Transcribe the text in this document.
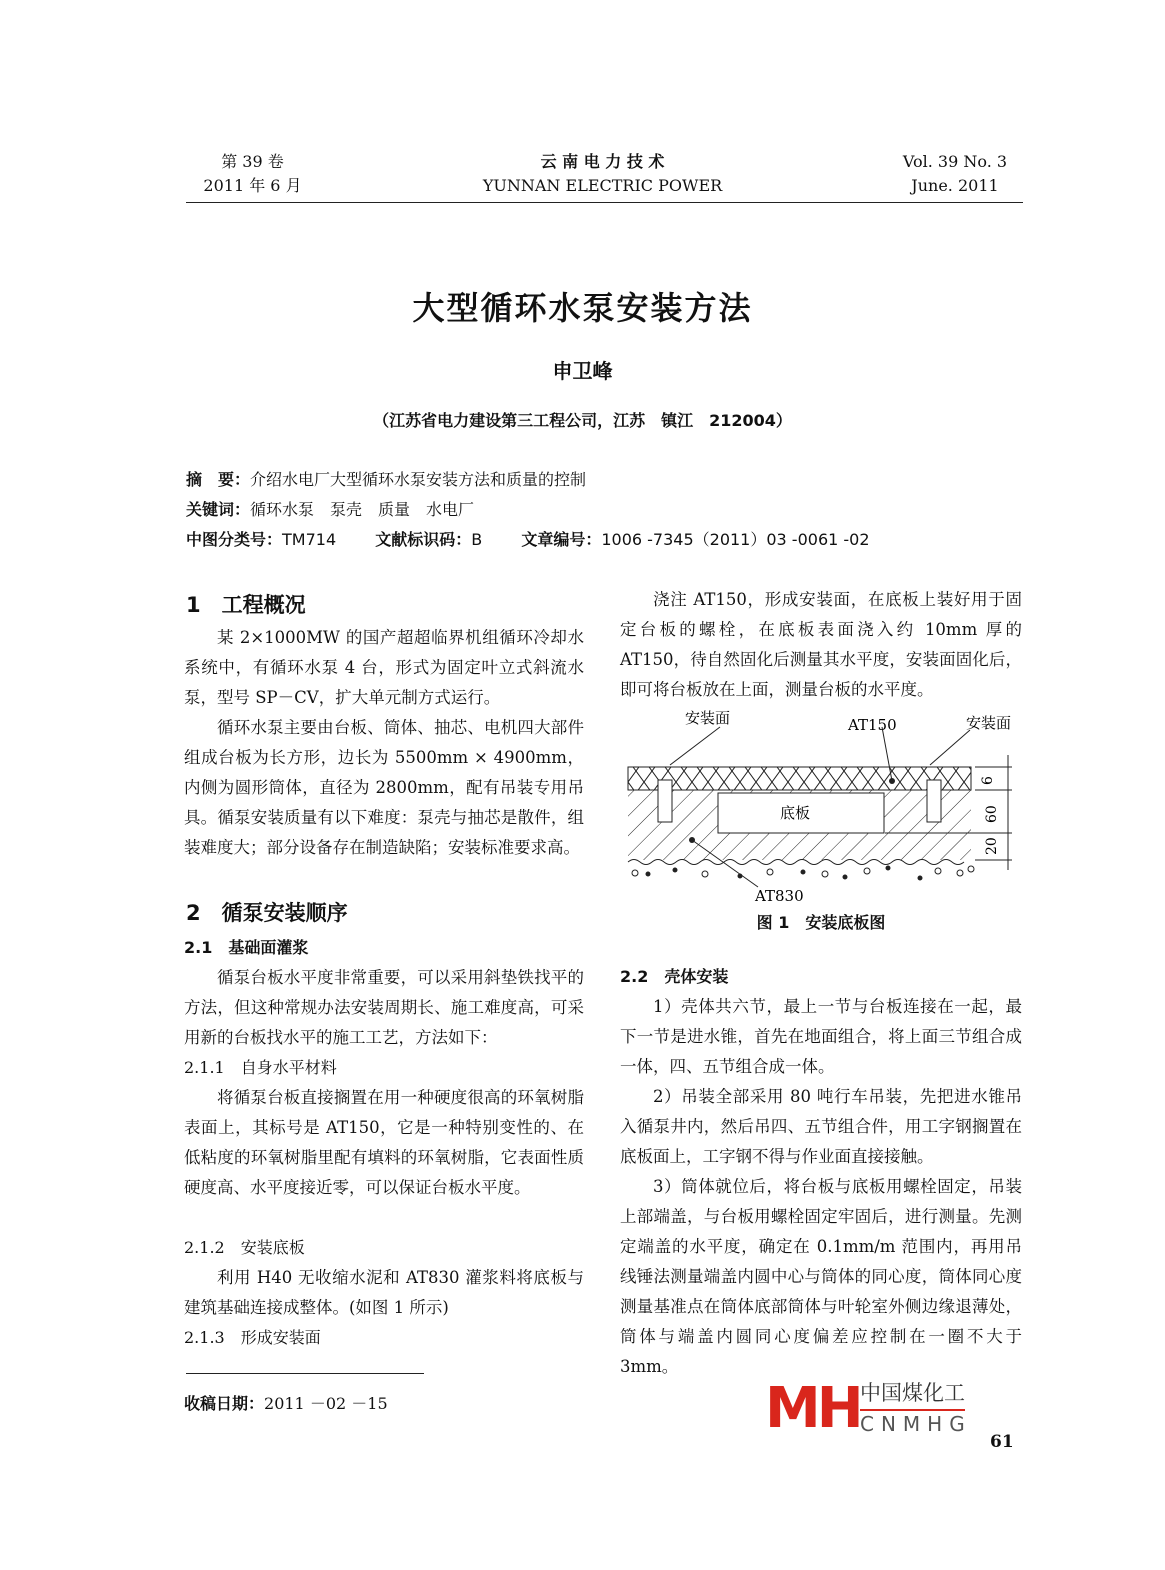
第 39 卷
2011 年 6 月
云 南 电 力 技 术
YUNNAN ELECTRIC POWER
Vol. 39 No. 3
June. 2011
大型循环水泵安装方法
申卫峰
（江苏省电力建设第三工程公司，江苏　镇江　212004）
摘　要：介绍水电厂大型循环水泵安装方法和质量的控制
关键词：循环水泵　泵壳　质量　水电厂
中图分类号：TM714 文献标识码：B 文章编号：1006 -7345（2011）03 -0061 -02
1　工程概况

某 2×1000MW 的国产超超临界机组循环冷却水系统中，有循环水泵 4 台，形式为固定叶立式斜流水泵，型号 SP－CV，扩大单元制方式运行。

循环水泵主要由台板、筒体、抽芯、电机四大部件组成台板为长方形，边长为 5500mm × 4900mm，内侧为圆形筒体，直径为 2800mm，配有吊装专用吊具。循泵安装质量有以下难度：泵壳与抽芯是散件，组装难度大；部分设备存在制造缺陷；安装标准要求高。

2　循泵安装顺序
2.1　基础面灌浆

循泵台板水平度非常重要，可以采用斜垫铁找平的方法，但这种常规办法安装周期长、施工难度高，可采用新的台板找水平的施工工艺，方法如下：

2.1.1　自身水平材料

将循泵台板直接搁置在用一种硬度很高的环氧树脂表面上，其标号是 AT150，它是一种特别变性的、在低粘度的环氧树脂里配有填料的环氧树脂，它表面性质硬度高、水平度接近零，可以保证台板水平度。

2.1.2　安装底板

利用 H40 无收缩水泥和 AT830 灌浆料将底板与建筑基础连接成整体。(如图 1 所示)

2.1.3　形成安装面
收稿日期：2011 －02 －15

浇注 AT150，形成安装面，在底板上装好用于固定台板的螺栓，在底板表面浇入约 10mm 厚的 AT150，待自然固化后测量其水平度，安装面固化后，即可将台板放在上面，测量台板的水平度。

底板
安装面	AT150	安装面
AT830
6
60
20
图 1　安装底板图
2.2　壳体安装

1）壳体共六节，最上一节与台板连接在一起，最下一节是进水锥，首先在地面组合，将上面三节组合成一体，四、五节组合成一体。

2）吊装全部采用 80 吨行车吊装，先把进水锥吊入循泵井内，然后吊四、五节组合件，用工字钢搁置在底板面上，工字钢不得与作业面直接接触。

3）筒体就位后，将台板与底板用螺栓固定，吊装上部端盖，与台板用螺栓固定牢固后，进行测量。先测定端盖的水平度，确定在 0.1mm/m 范围内，再用吊线锤法测量端盖内圆中心与筒体的同心度，筒体同心度测量基准点在筒体底部筒体与叶轮室外侧边缘退薄处，筒体与端盖内圆同心度偏差应控制在一圈不大于 3mm。

MH 中国煤化工
CNMHG
61
